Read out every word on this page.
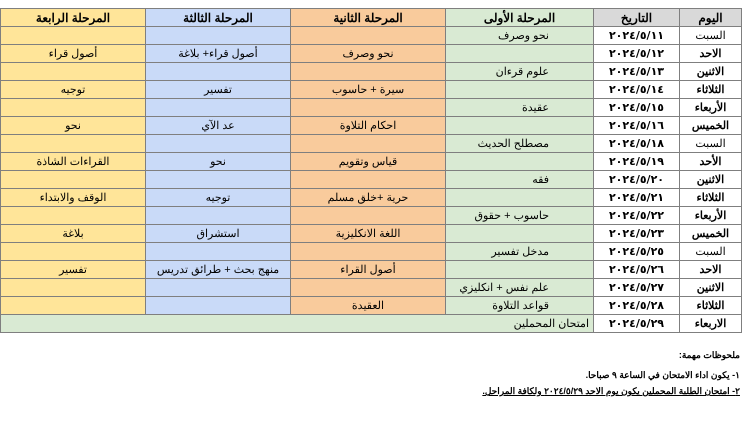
المرحلة الرابعة	المرحلة الثالثة	المرحلة الثانية	المرحلة الأولى	التاريخ	اليوم
			نحو وصرف	٢٠٢٤/٥/١١	السبت
أصول قراء	أصول قراء+ بلاغة	نحو وصرف		٢٠٢٤/٥/١٢	الاحد
			علوم قرءان	٢٠٢٤/٥/١٣	الاثنين
توجيه	تفسير	سيرة + حاسوب		٢٠٢٤/٥/١٤	الثلاثاء
			عقيدة	٢٠٢٤/٥/١٥	الأربعاء
نحو	عد الآي	احكام التلاوة		٢٠٢٤/٥/١٦	الخميس
			مصطلح الحديث	٢٠٢٤/٥/١٨	السبت
القراءات الشاذة	نحو	قياس وتقويم		٢٠٢٤/٥/١٩	الأحد
			فقه	٢٠٢٤/٥/٢٠	الاثنين
الوقف والابتداء	توجيه	حرية +خلق مسلم		٢٠٢٤/٥/٢١	الثلاثاء
			حاسوب + حقوق	٢٠٢٤/٥/٢٢	الأربعاء
بلاغة	استشراق	اللغة الانكليزية		٢٠٢٤/٥/٢٣	الخميس
			مدخل تفسير	٢٠٢٤/٥/٢٥	السبت
تفسير	منهج بحث + طرائق تدريس	أصول القراء		٢٠٢٤/٥/٢٦	الاحد
			علم نفس + انكليزي	٢٠٢٤/٥/٢٧	الاثنين
		العقيدة	قواعد التلاوة	٢٠٢٤/٥/٢٨	الثلاثاء
امتحان المحملين				٢٠٢٤/٥/٢٩	الاربعاء
ملحوظات مهمة:
١- يكون اداء الامتحان في الساعة ٩ صباحا.
٢- امتحان الطلبة المحملين يكون يوم الاحد ٢٠٢٤/٥/٢٩ ولكافة المراحل.
